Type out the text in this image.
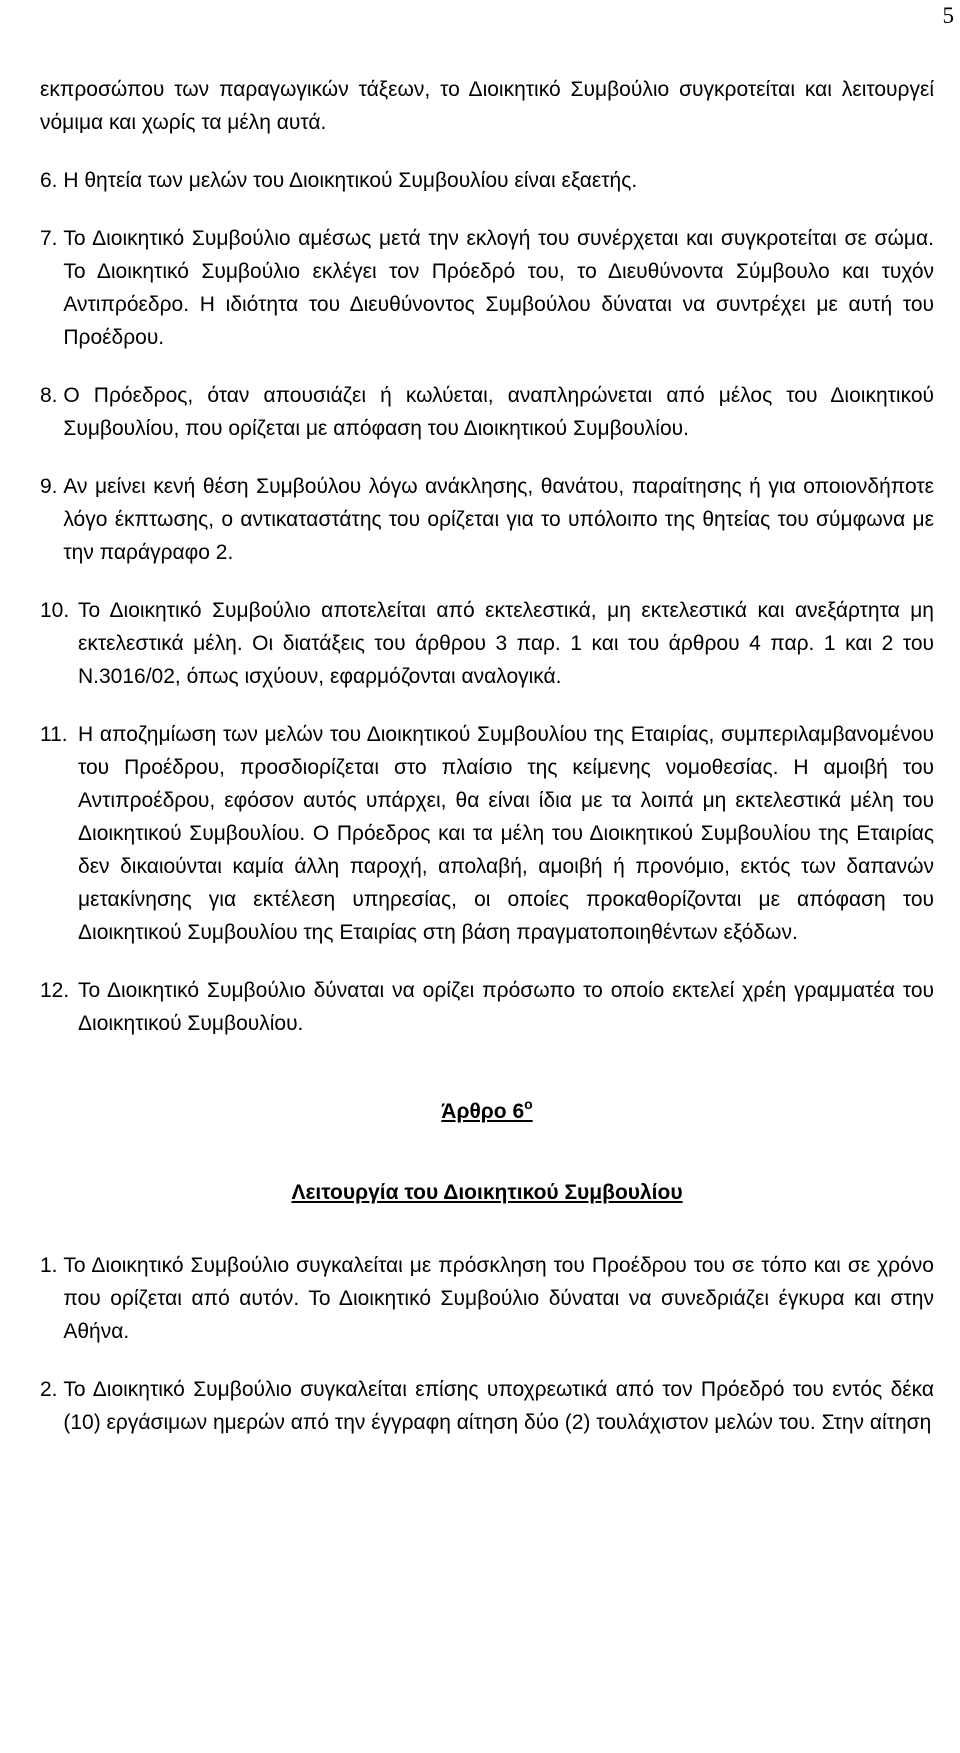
5

εκπροσώπου των παραγωγικών τάξεων, το Διοικητικό Συμβούλιο συγκροτείται και λειτουργεί νόμιμα και χωρίς τα μέλη αυτά.

6. Η θητεία των μελών του Διοικητικού Συμβουλίου είναι εξαετής.
7. Το Διοικητικό Συμβούλιο αμέσως μετά την εκλογή του συνέρχεται και συγκροτείται σε σώμα. Το Διοικητικό Συμβούλιο εκλέγει τον Πρόεδρό του, το Διευθύνοντα Σύμβουλο και τυχόν Αντιπρόεδρο. Η ιδιότητα του Διευθύνοντος Συμβούλου δύναται να συντρέχει με αυτή του Προέδρου.
8. Ο Πρόεδρος, όταν απουσιάζει ή κωλύεται, αναπληρώνεται από μέλος του Διοικητικού Συμβουλίου, που ορίζεται με απόφαση του Διοικητικού Συμβουλίου.
9. Αν μείνει κενή θέση Συμβούλου λόγω ανάκλησης, θανάτου, παραίτησης ή για οποιονδήποτε λόγο έκπτωσης, ο αντικαταστάτης του ορίζεται για το υπόλοιπο της θητείας του σύμφωνα με την παράγραφο 2.
10. Το Διοικητικό Συμβούλιο αποτελείται από εκτελεστικά, μη εκτελεστικά και ανεξάρτητα μη εκτελεστικά μέλη. Οι διατάξεις του άρθρου 3 παρ. 1 και του άρθρου 4 παρ. 1 και 2 του Ν.3016/02, όπως ισχύουν, εφαρμόζονται αναλογικά.
11. Η αποζημίωση των μελών του Διοικητικού Συμβουλίου της Εταιρίας, συμπεριλαμβανομένου του Προέδρου, προσδιορίζεται στο πλαίσιο της κείμενης νομοθεσίας. Η αμοιβή του Αντιπροέδρου, εφόσον αυτός υπάρχει, θα είναι ίδια με τα λοιπά μη εκτελεστικά μέλη του Διοικητικού Συμβουλίου. Ο Πρόεδρος και τα μέλη του Διοικητικού Συμβουλίου της Εταιρίας δεν δικαιούνται καμία άλλη παροχή, απολαβή, αμοιβή ή προνόμιο, εκτός των δαπανών μετακίνησης για εκτέλεση υπηρεσίας, οι οποίες προκαθορίζονται με απόφαση του Διοικητικού Συμβουλίου της Εταιρίας στη βάση πραγματοποιηθέντων εξόδων.
12. Το Διοικητικό Συμβούλιο δύναται να ορίζει πρόσωπο το οποίο εκτελεί χρέη γραμματέα του Διοικητικού Συμβουλίου.

Άρθρο $6^o$

Λειτουργία του Διοικητικού Συμβουλίου

1. Το Διοικητικό Συμβούλιο συγκαλείται με πρόσκληση του Προέδρου του σε τόπο και σε χρόνο που ορίζεται από αυτόν. Το Διοικητικό Συμβούλιο δύναται να συνεδριάζει έγκυρα και στην Αθήνα.
2. Το Διοικητικό Συμβούλιο συγκαλείται επίσης υποχρεωτικά από τον Πρόεδρό του εντός δέκα (10) εργάσιμων ημερών από την έγγραφη αίτηση δύο (2) τουλάχιστον μελών του. Στην αίτηση
